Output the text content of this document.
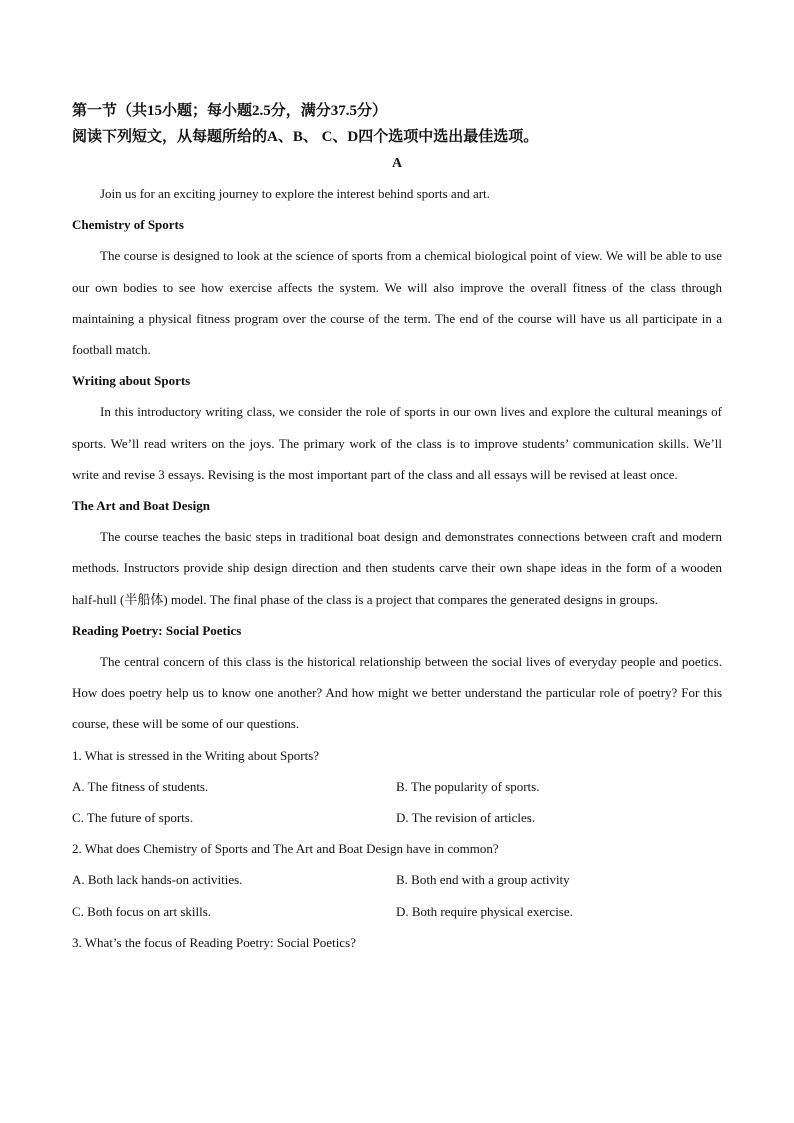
第一节（共15小题；每小题2.5分，满分37.5分）

阅读下列短文，从每题所给的A、B、 C、D四个选项中选出最佳选项。

A

Join us for an exciting journey to explore the interest behind sports and art.

Chemistry of Sports

The course is designed to look at the science of sports from a chemical biological point of view. We will be able to use our own bodies to see how exercise affects the system. We will also improve the overall fitness of the class through maintaining a physical fitness program over the course of the term. The end of the course will have us all participate in a football match.

Writing about Sports

In this introductory writing class, we consider the role of sports in our own lives and explore the cultural meanings of sports. We’ll read writers on the joys. The primary work of the class is to improve students’ communication skills. We’ll write and revise 3 essays. Revising is the most important part of the class and all essays will be revised at least once.

The Art and Boat Design

The course teaches the basic steps in traditional boat design and demonstrates connections between craft and modern methods. Instructors provide ship design direction and then students carve their own shape ideas in the form of a wooden half-hull (半船体) model. The final phase of the class is a project that compares the generated designs in groups.

Reading Poetry: Social Poetics

The central concern of this class is the historical relationship between the social lives of everyday people and poetics. How does poetry help us to know one another? And how might we better understand the particular role of poetry? For this course, these will be some of our questions.

1. What is stressed in the Writing about Sports?

A. The fitness of students.	B. The popularity of sports.
C. The future of sports.	D. The revision of articles.

2. What does Chemistry of Sports and The Art and Boat Design have in common?

A. Both lack hands-on activities.	B. Both end with a group activity
C. Both focus on art skills.	D. Both require physical exercise.

3. What’s the focus of Reading Poetry: Social Poetics?
